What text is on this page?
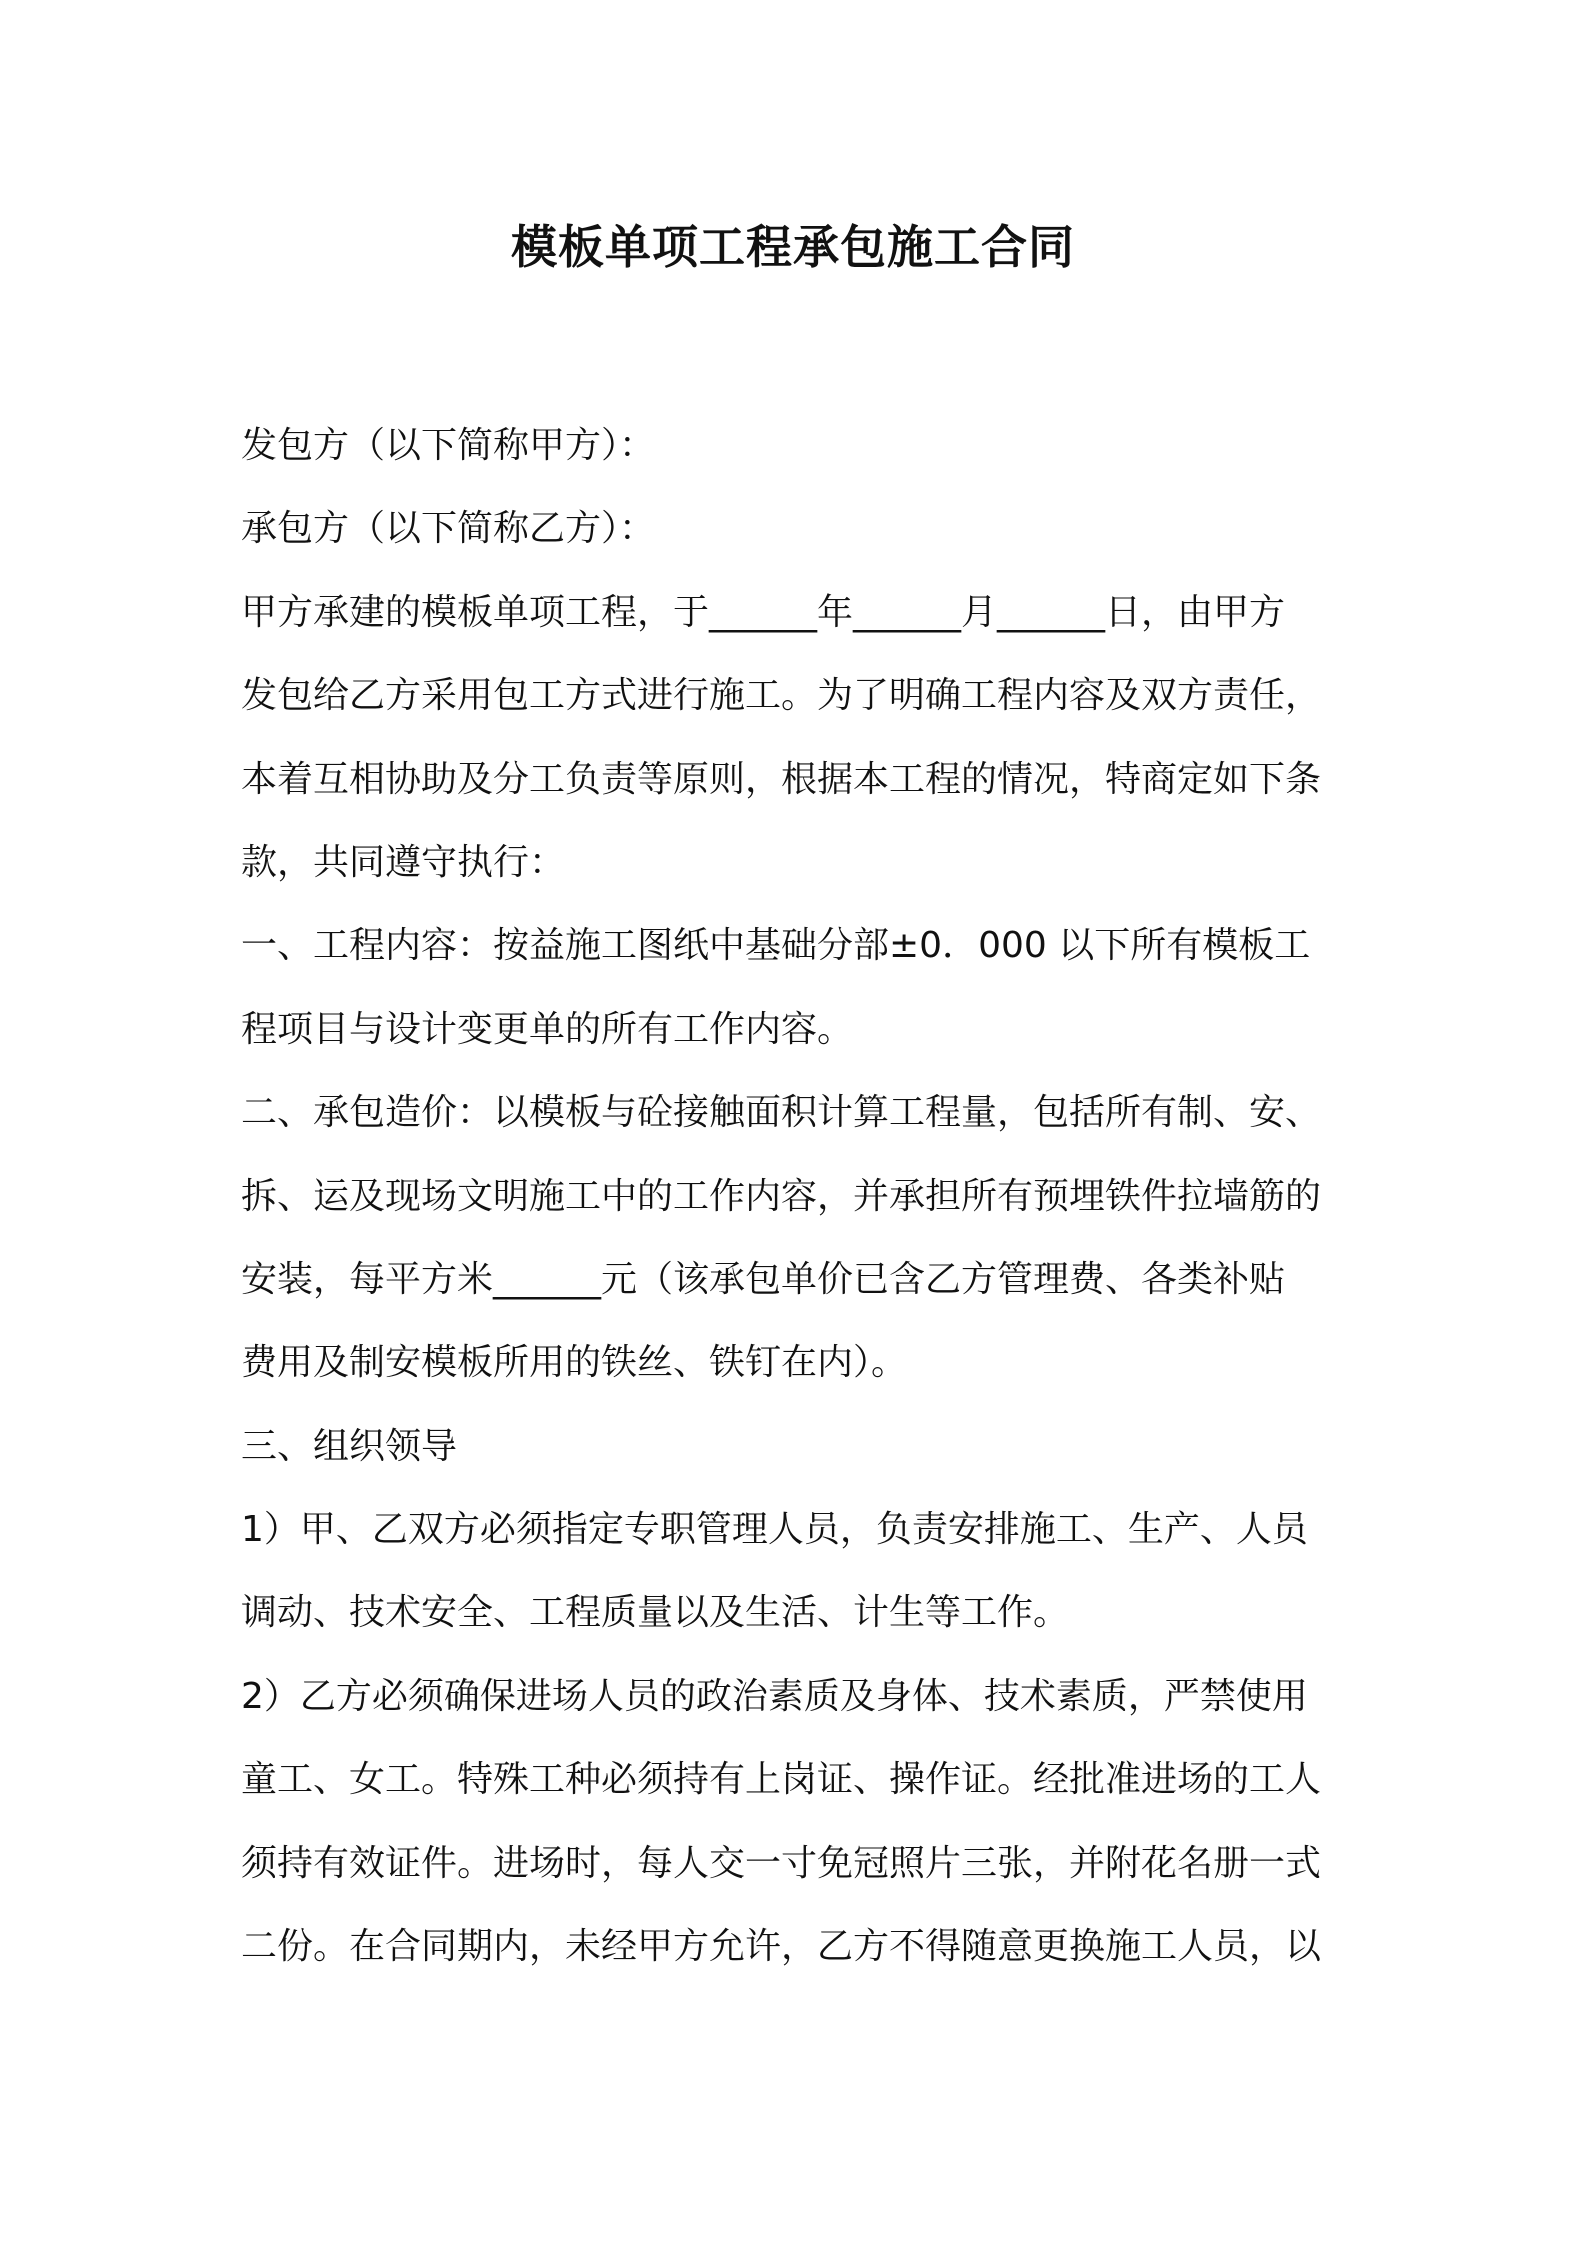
模板单项工程承包施工合同
发包方（以下简称甲方）：
承包方（以下简称乙方）：
甲方承建的模板单项工程，于______年______月______日，由甲方
发包给乙方采用包工方式进行施工。为了明确工程内容及双方责任，
本着互相协助及分工负责等原则，根据本工程的情况，特商定如下条
款，共同遵守执行：
一、工程内容：按益施工图纸中基础分部±0．000 以下所有模板工
程项目与设计变更单的所有工作内容。
二、承包造价：以模板与砼接触面积计算工程量，包括所有制、安、
拆、运及现场文明施工中的工作内容，并承担所有预埋铁件拉墙筋的
安装，每平方米______元（该承包单价已含乙方管理费、各类补贴
费用及制安模板所用的铁丝、铁钉在内）。
三、组织领导
1）甲、乙双方必须指定专职管理人员，负责安排施工、生产、人员
调动、技术安全、工程质量以及生活、计生等工作。
2）乙方必须确保进场人员的政治素质及身体、技术素质，严禁使用
童工、女工。特殊工种必须持有上岗证、操作证。经批准进场的工人
须持有效证件。进场时，每人交一寸免冠照片三张，并附花名册一式
二份。在合同期内，未经甲方允许，乙方不得随意更换施工人员，以
